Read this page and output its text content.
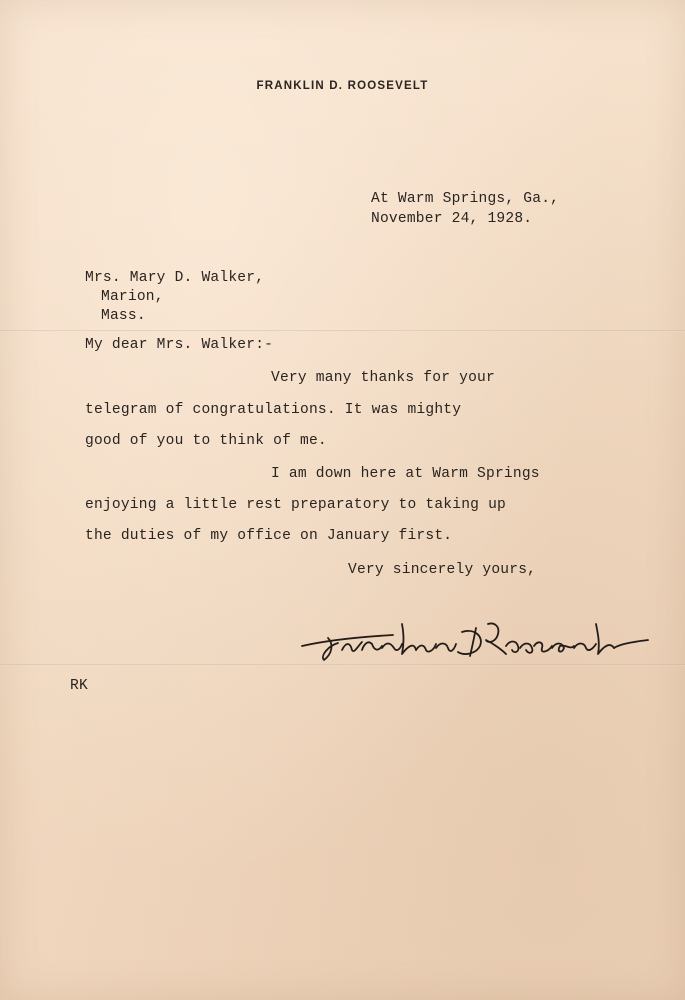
FRANKLIN D. ROOSEVELT
At Warm Springs, Ga.,
November 24, 1928.
Mrs. Mary D. Walker,
Marion,
Mass.
My dear Mrs. Walker:-
Very many thanks for your
telegram of congratulations. It was mighty
good of you to think of me.
I am down here at Warm Springs
enjoying a little rest preparatory to taking up
the duties of my office on January first.
Very sincerely yours,
RK
